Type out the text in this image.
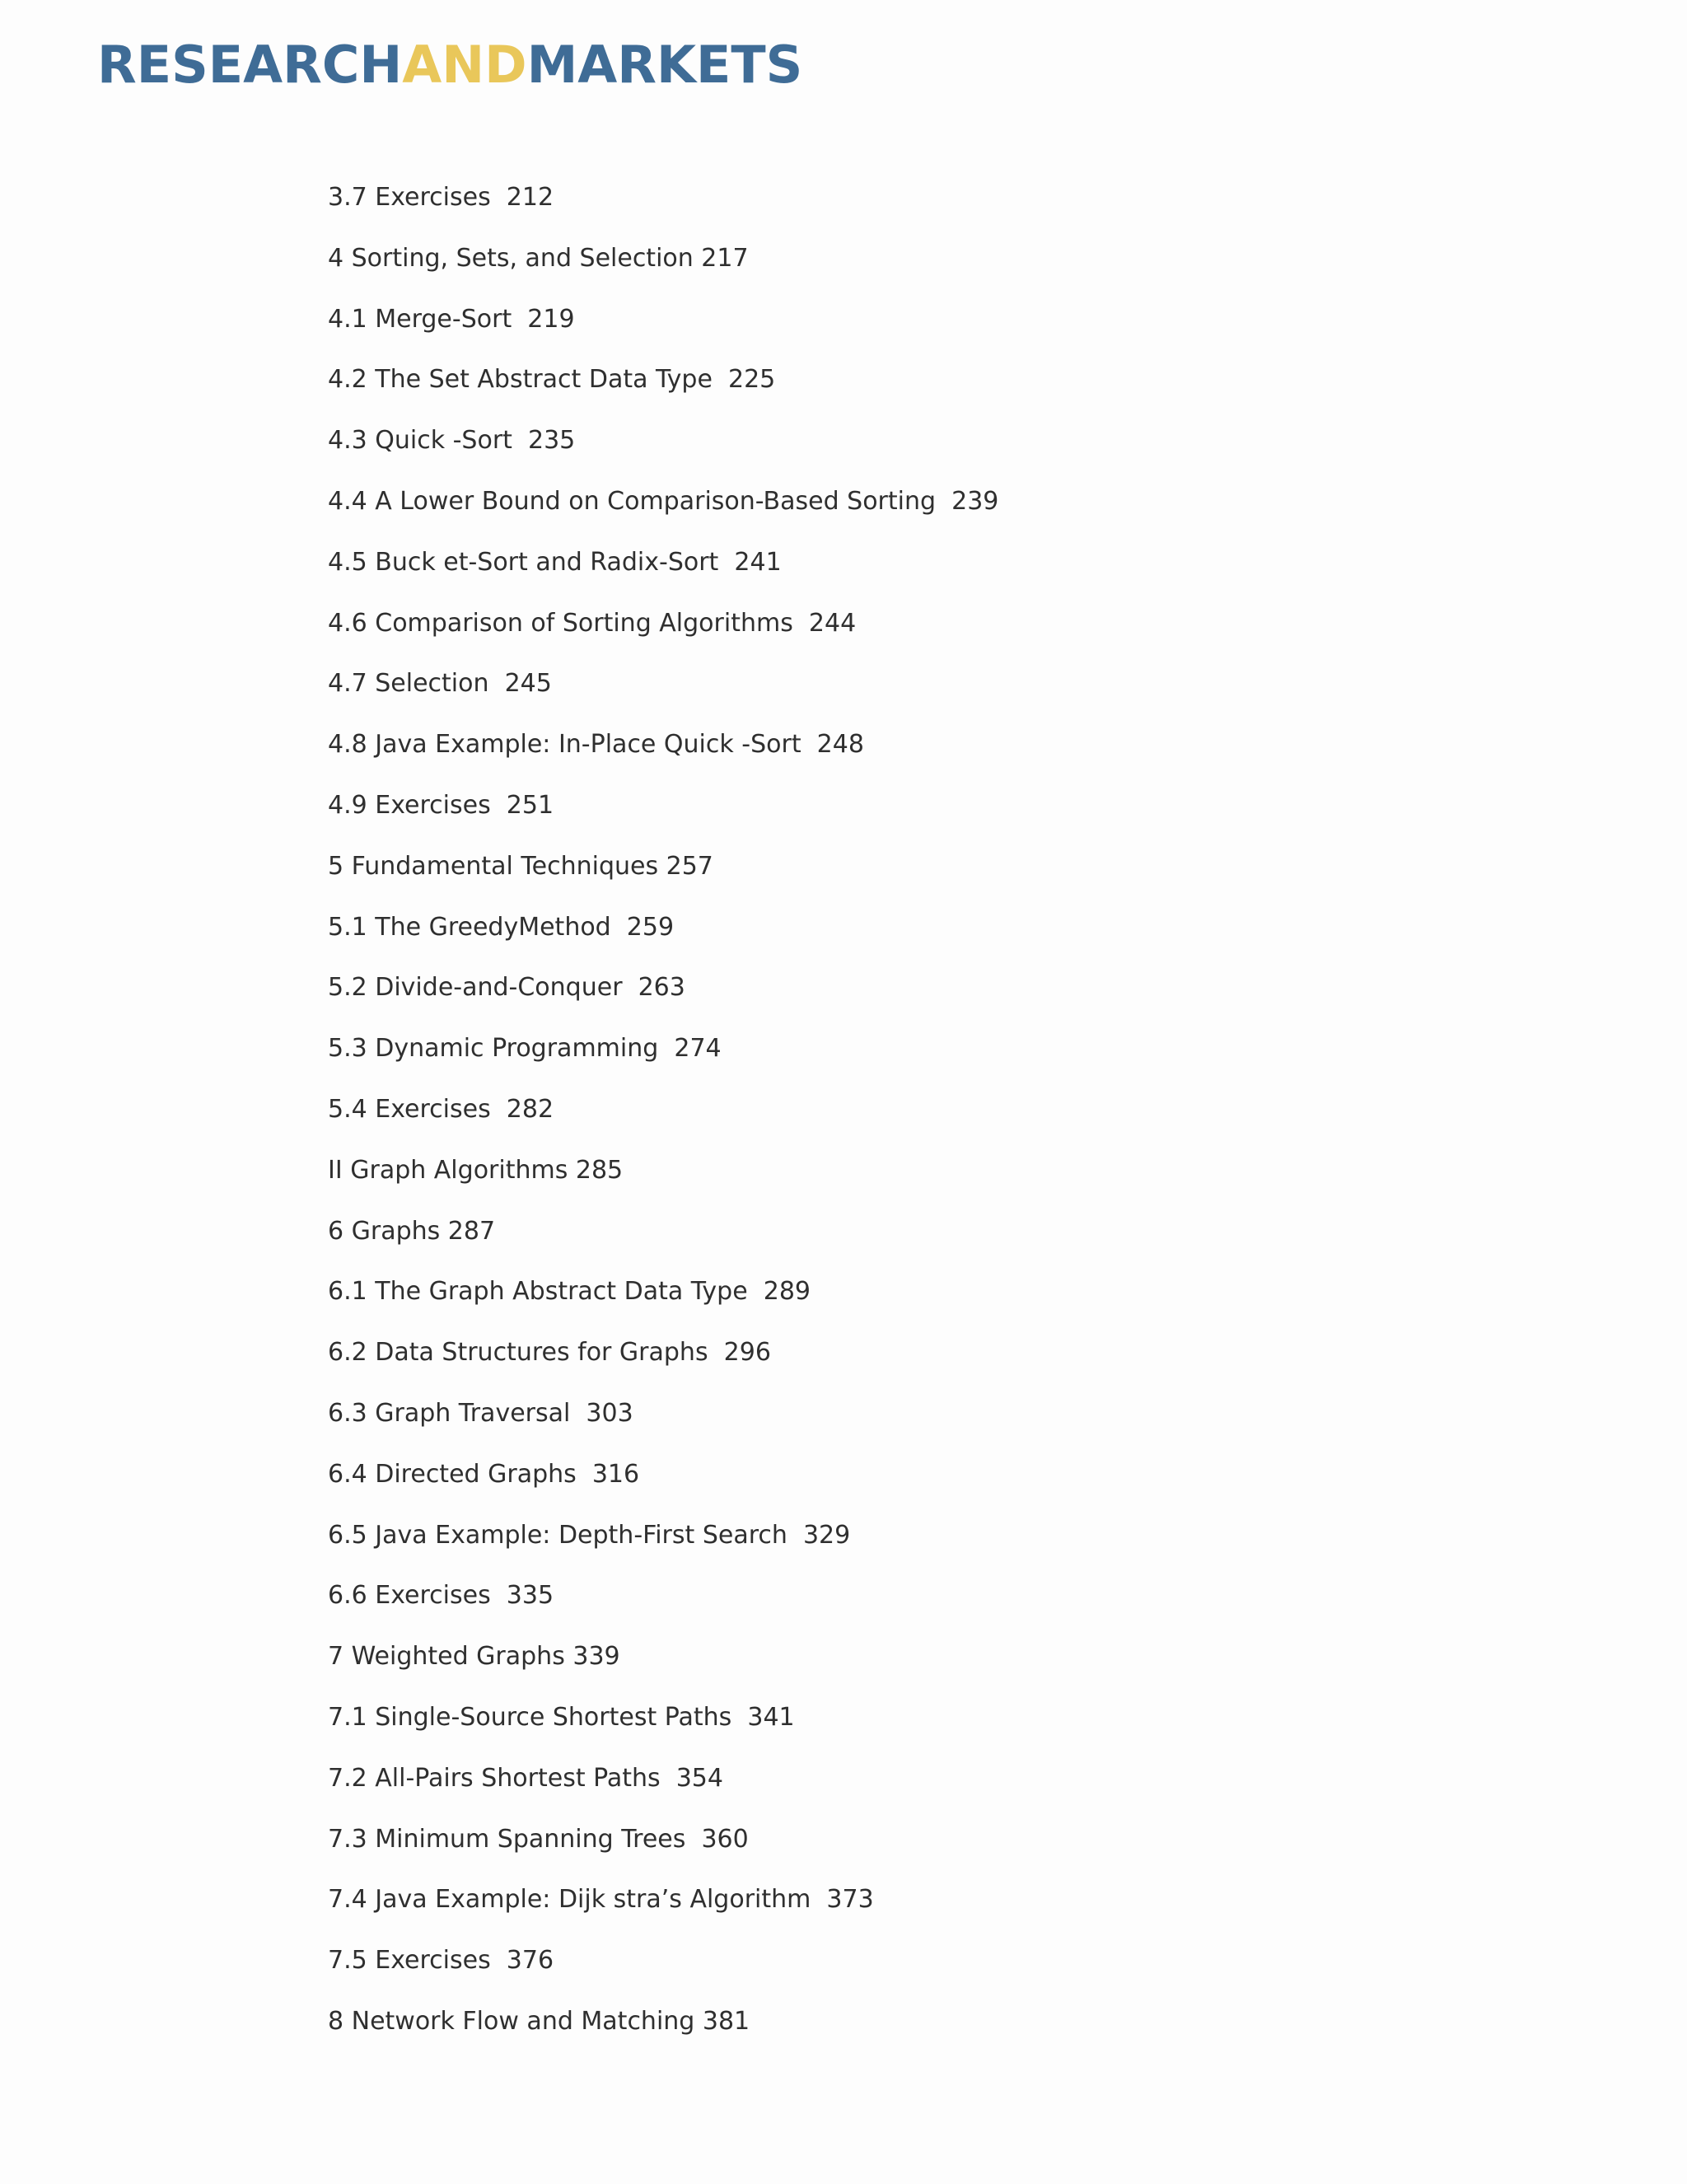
RESEARCHANDMARKETS
3.7 Exercises  212
4 Sorting, Sets, and Selection 217
4.1 Merge-Sort  219
4.2 The Set Abstract Data Type  225
4.3 Quick -Sort  235
4.4 A Lower Bound on Comparison-Based Sorting  239
4.5 Buck et-Sort and Radix-Sort  241
4.6 Comparison of Sorting Algorithms  244
4.7 Selection  245
4.8 Java Example: In-Place Quick -Sort  248
4.9 Exercises  251
5 Fundamental Techniques 257
5.1 The GreedyMethod  259
5.2 Divide-and-Conquer  263
5.3 Dynamic Programming  274
5.4 Exercises  282
II Graph Algorithms 285
6 Graphs 287
6.1 The Graph Abstract Data Type  289
6.2 Data Structures for Graphs  296
6.3 Graph Traversal  303
6.4 Directed Graphs  316
6.5 Java Example: Depth-First Search  329
6.6 Exercises  335
7 Weighted Graphs 339
7.1 Single-Source Shortest Paths  341
7.2 All-Pairs Shortest Paths  354
7.3 Minimum Spanning Trees  360
7.4 Java Example: Dijk stra’s Algorithm  373
7.5 Exercises  376
8 Network Flow and Matching 381
